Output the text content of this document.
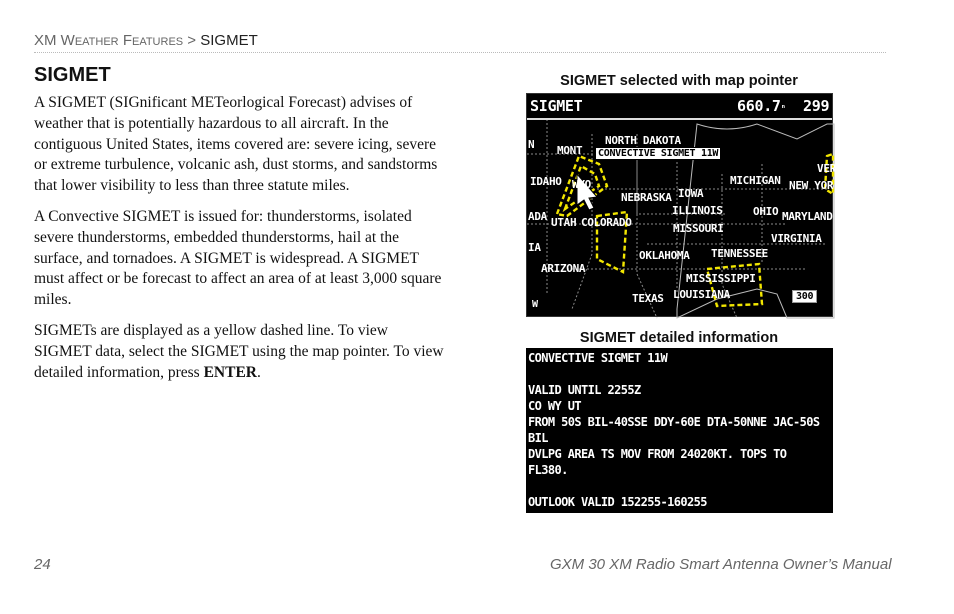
XM WEATHER FEATURES > SIGMET
SIGMET

A SIGMET (SIGnificant METeorlogical Forecast) advises of weather that is potentially hazardous to all aircraft. In the contiguous United States, items covered are: severe icing, severe or extreme turbulence, volcanic ash, dust storms, and sandstorms that lower visibility to less than three statute miles.

A Convective SIGMET is issued for: thunderstorms, isolated severe thunderstorms, embedded thunderstorms, hail at the surface, and tornadoes. A SIGMET is widespread. A SIGMET must affect or be forecast to affect an area of at least 3,000 square miles.

SIGMETs are displayed as a yellow dashed line. To view SIGMET data, select the SIGMET using the map pointer. To view detailed information, press ENTER.

SIGMET selected with map pointer
SIGMET	660.7ⁿ 299
NORTH DAKOTA
MONT	CONVECTIVE SIGMET 11W
N
IDAHO WYO
NEBRASKA IOWA
MICHIGAN NEW YOR
VER
ADA UTAH COLORADO
ILLINOIS	OHIO MARYLAND
MISSOURI
VIRGINIA
IA
OKLAHOMA TENNESSEE
ARIZONA
MISSISSIPPI
TEXAS LOUISIANA
W
300
SIGMET detailed information
CONVECTIVE SIGMET 11W
VALID UNTIL 2255Z
CO WY UT
FROM 50S BIL-40SSE DDY-60E DTA-50NNE JAC-50S
BIL
DVLPG AREA TS MOV FROM 24020KT. TOPS TO
FL380.
OUTLOOK VALID 152255-160255
24	GXM 30 XM Radio Smart Antenna Owner’s Manual
